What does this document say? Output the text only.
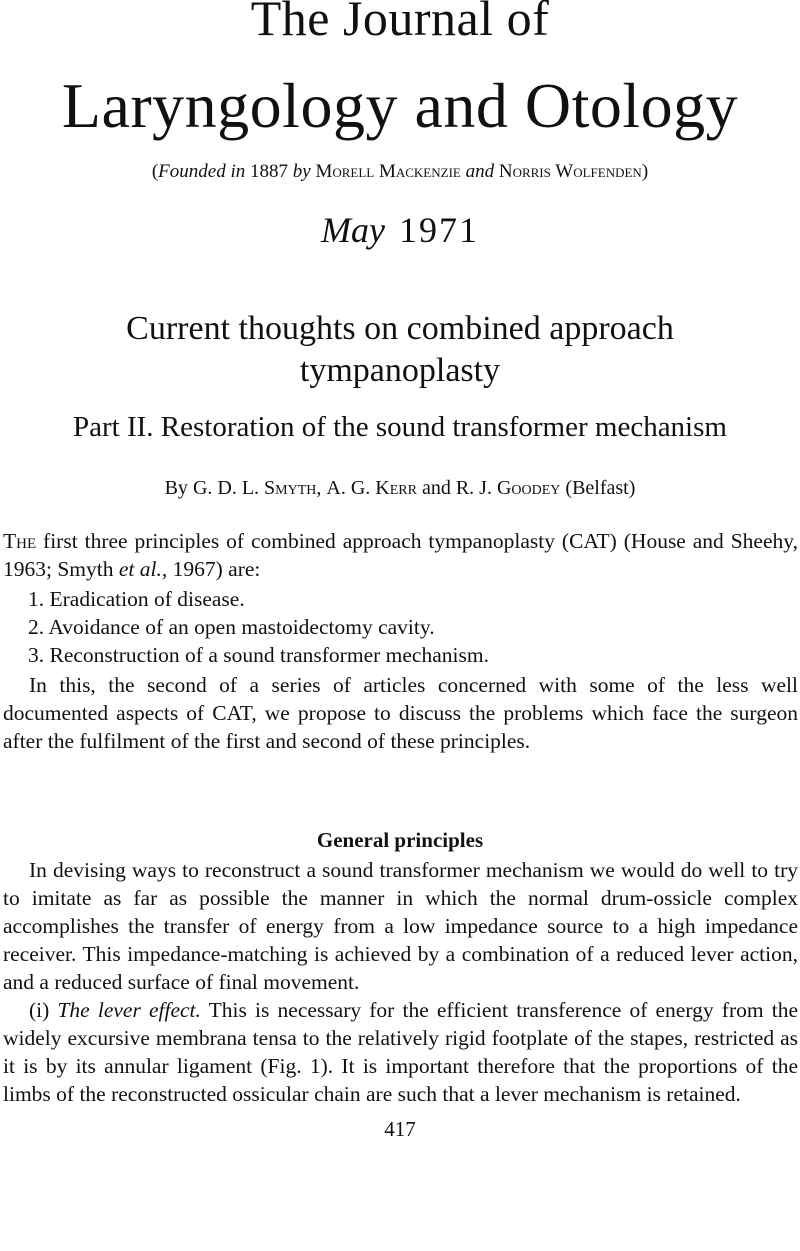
The Journal of
Laryngology and Otology
(Founded in 1887 by Morell Mackenzie and Norris Wolfenden)
May 1971
Current thoughts on combined approach tympanoplasty
Part II. Restoration of the sound transformer mechanism
By G. D. L. Smyth, A. G. Kerr and R. J. Goodey (Belfast)

The first three principles of combined approach tympanoplasty (CAT) (House and Sheehy, 1963; Smyth et al., 1967) are:

1. Eradication of disease.
2. Avoidance of an open mastoidectomy cavity.
3. Reconstruction of a sound transformer mechanism.

In this, the second of a series of articles concerned with some of the less well documented aspects of CAT, we propose to discuss the problems which face the surgeon after the fulfilment of the first and second of these principles.

General principles

In devising ways to reconstruct a sound transformer mechanism we would do well to try to imitate as far as possible the manner in which the normal drum-ossicle complex accomplishes the transfer of energy from a low impedance source to a high impedance receiver. This impedance-matching is achieved by a combination of a reduced lever action, and a reduced surface of final movement.

(i) The lever effect. This is necessary for the efficient transference of energy from the widely excursive membrana tensa to the relatively rigid footplate of the stapes, restricted as it is by its annular ligament (Fig. 1). It is important therefore that the proportions of the limbs of the reconstructed ossicular chain are such that a lever mechanism is retained.

417
